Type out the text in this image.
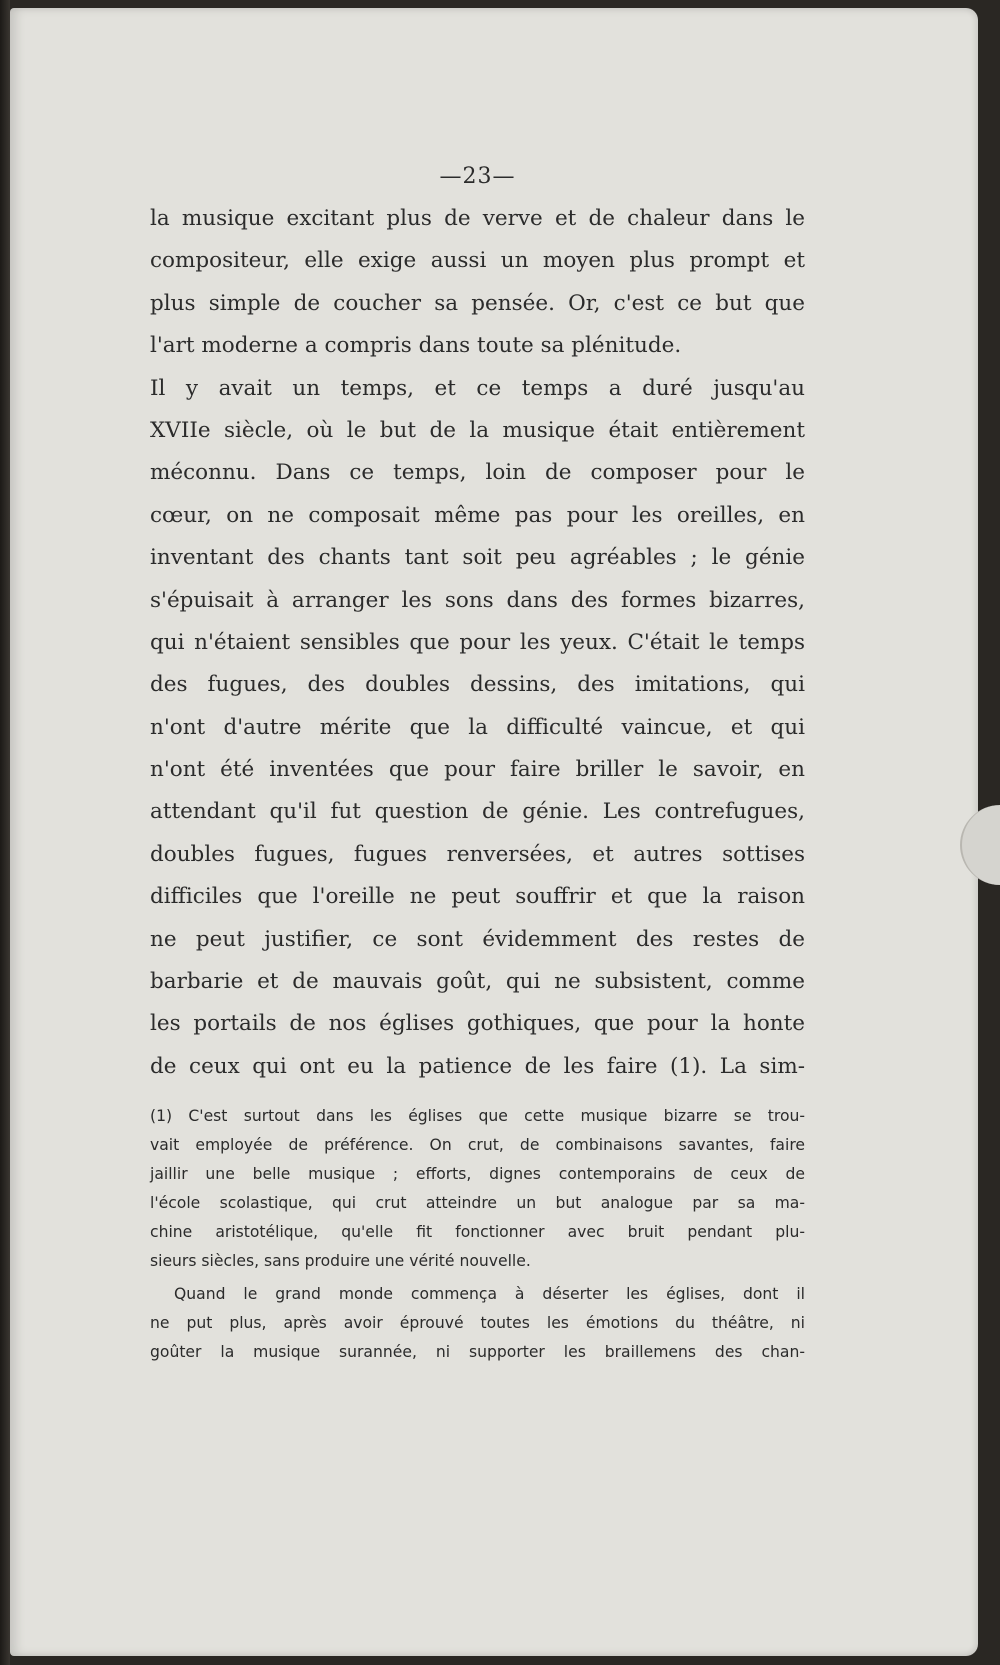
—23—
la musique excitant plus de verve et de chaleur dans le
compositeur, elle exige aussi un moyen plus prompt et
plus simple de coucher sa pensée. Or, c'est ce but que
l'art moderne a compris dans toute sa plénitude.
Il y avait un temps, et ce temps a duré jusqu'au
XVIIe siècle, où le but de la musique était entièrement
méconnu. Dans ce temps, loin de composer pour le
cœur, on ne composait même pas pour les oreilles, en
inventant des chants tant soit peu agréables ; le génie
s'épuisait à arranger les sons dans des formes bizarres,
qui n'étaient sensibles que pour les yeux. C'était le temps
des fugues, des doubles dessins, des imitations, qui
n'ont d'autre mérite que la difficulté vaincue, et qui
n'ont été inventées que pour faire briller le savoir, en
attendant qu'il fut question de génie. Les contrefugues,
doubles fugues, fugues renversées, et autres sottises
difficiles que l'oreille ne peut souffrir et que la raison
ne peut justifier, ce sont évidemment des restes de
barbarie et de mauvais goût, qui ne subsistent, comme
les portails de nos églises gothiques, que pour la honte
de ceux qui ont eu la patience de les faire (1). La sim-
(1) C'est surtout dans les églises que cette musique bizarre se trou-
vait employée de préférence. On crut, de combinaisons savantes, faire
jaillir une belle musique ; efforts, dignes contemporains de ceux de
l'école scolastique, qui crut atteindre un but analogue par sa ma-
chine aristotélique, qu'elle fit fonctionner avec bruit pendant plu-
sieurs siècles, sans produire une vérité nouvelle.
Quand le grand monde commença à déserter les églises, dont il
ne put plus, après avoir éprouvé toutes les émotions du théâtre, ni
goûter la musique surannée, ni supporter les braillemens des chan-
